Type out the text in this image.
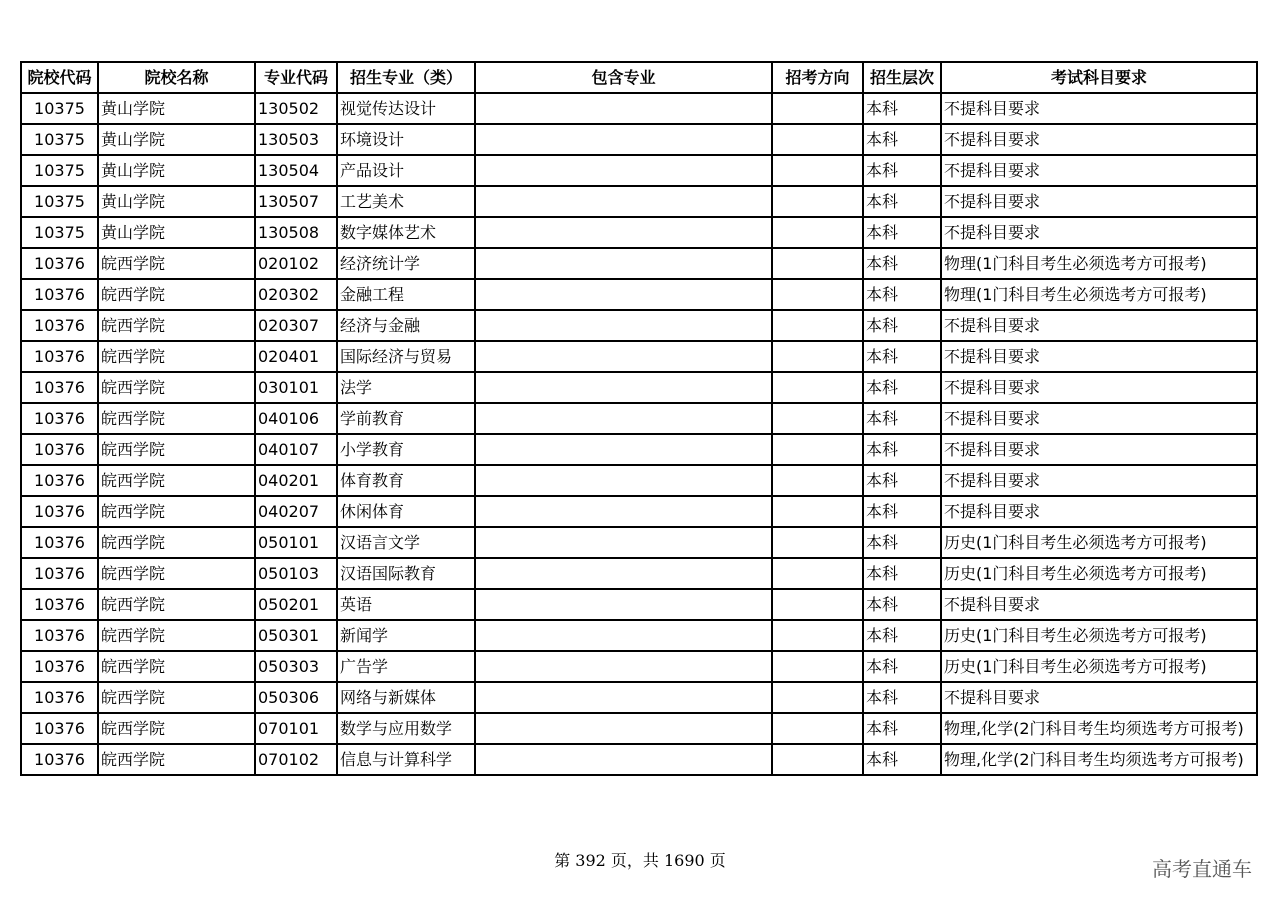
院校代码	院校名称	专业代码	招生专业（类）	包含专业	招考方向	招生层次	考试科目要求
10375	黄山学院	130502	视觉传达设计			本科	不提科目要求
10375	黄山学院	130503	环境设计			本科	不提科目要求
10375	黄山学院	130504	产品设计			本科	不提科目要求
10375	黄山学院	130507	工艺美术			本科	不提科目要求
10375	黄山学院	130508	数字媒体艺术			本科	不提科目要求
10376	皖西学院	020102	经济统计学			本科	物理(1门科目考生必须选考方可报考)
10376	皖西学院	020302	金融工程			本科	物理(1门科目考生必须选考方可报考)
10376	皖西学院	020307	经济与金融			本科	不提科目要求
10376	皖西学院	020401	国际经济与贸易			本科	不提科目要求
10376	皖西学院	030101	法学			本科	不提科目要求
10376	皖西学院	040106	学前教育			本科	不提科目要求
10376	皖西学院	040107	小学教育			本科	不提科目要求
10376	皖西学院	040201	体育教育			本科	不提科目要求
10376	皖西学院	040207	休闲体育			本科	不提科目要求
10376	皖西学院	050101	汉语言文学			本科	历史(1门科目考生必须选考方可报考)
10376	皖西学院	050103	汉语国际教育			本科	历史(1门科目考生必须选考方可报考)
10376	皖西学院	050201	英语			本科	不提科目要求
10376	皖西学院	050301	新闻学			本科	历史(1门科目考生必须选考方可报考)
10376	皖西学院	050303	广告学			本科	历史(1门科目考生必须选考方可报考)
10376	皖西学院	050306	网络与新媒体			本科	不提科目要求
10376	皖西学院	070101	数学与应用数学			本科	物理,化学(2门科目考生均须选考方可报考)
10376	皖西学院	070102	信息与计算科学			本科	物理,化学(2门科目考生均须选考方可报考)
第 392 页，共 1690 页	高考直通车
